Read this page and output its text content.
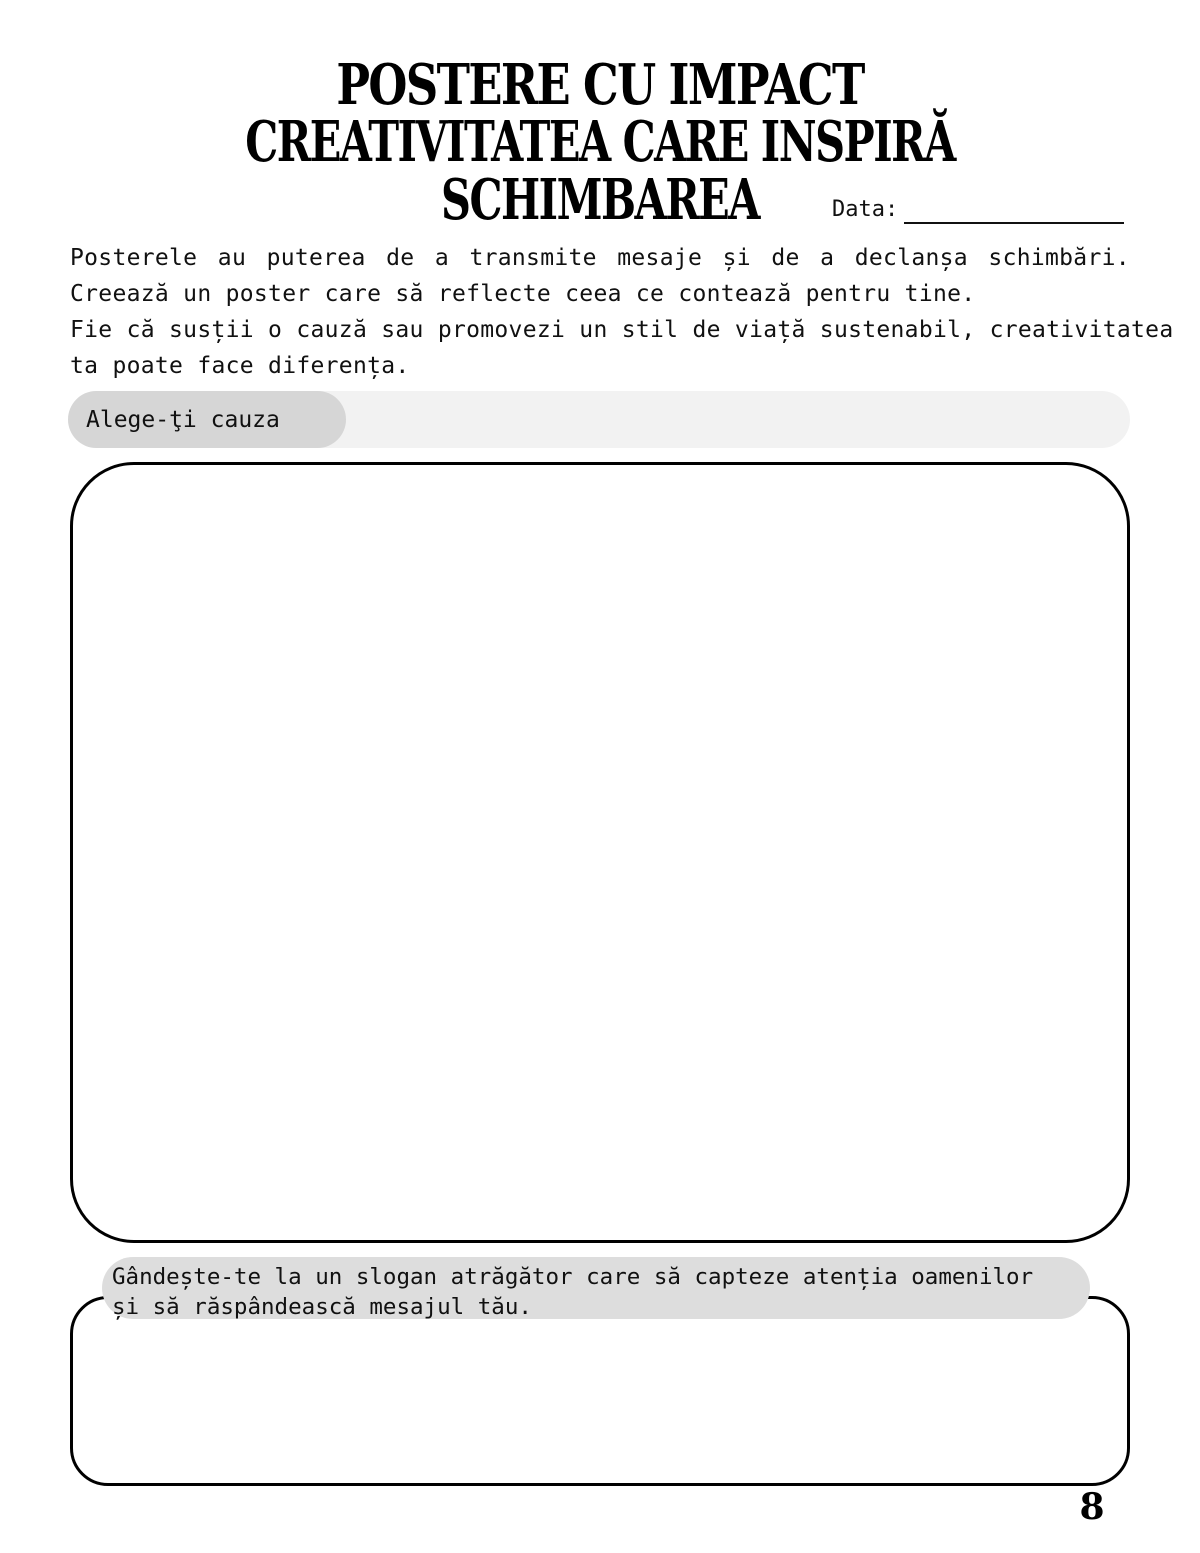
POSTERE CU IMPACT
CREATIVITATEA CARE INSPIRĂ SCHIMBAREA	Data:

Posterele au puterea de a transmite mesaje și de a declanșa schimbări.

Creează un poster care să reflecte ceea ce contează pentru tine.

Fie că susții o cauză sau promovezi un stil de viață sustenabil, creativitatea

ta poate face diferența.

Alege-ţi cauza
Gândește-te la un slogan atrăgător care să capteze atenția oamenilor
și să răspândească mesajul tău.
8
